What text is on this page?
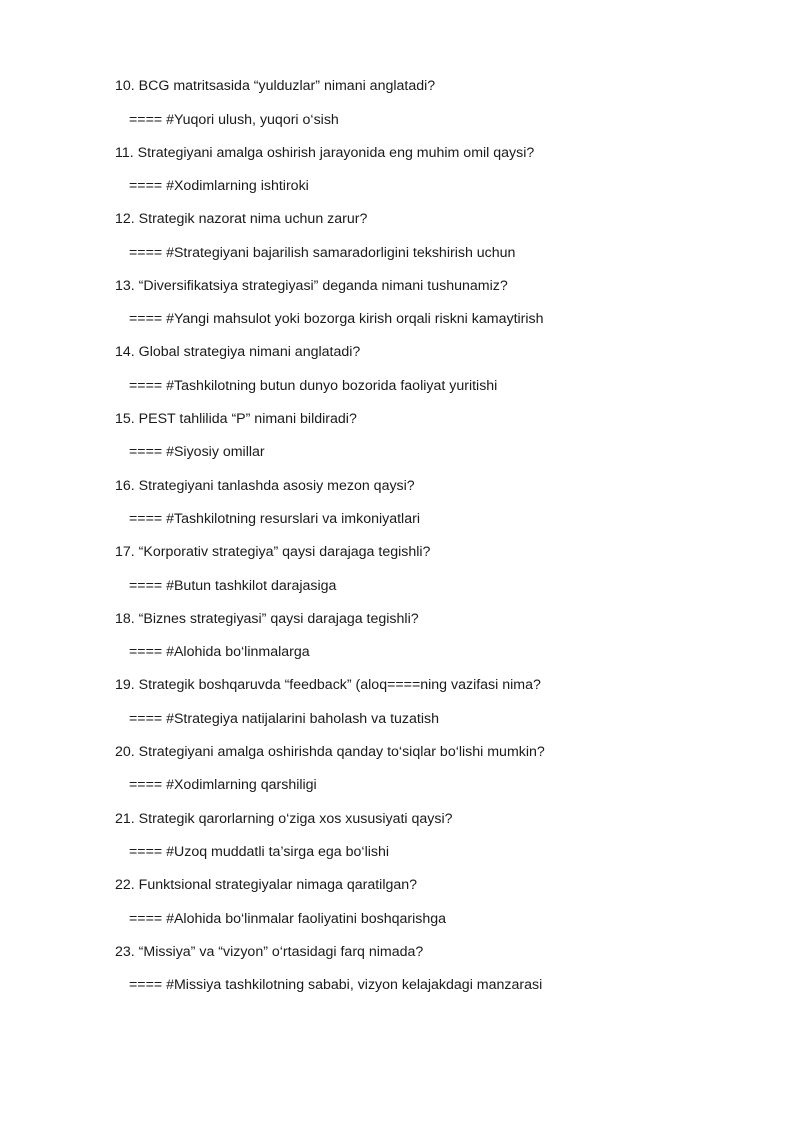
10. BCG matritsasida “yulduzlar” nimani anglatadi?
==== #Yuqori ulush, yuqori o‘sish
11. Strategiyani amalga oshirish jarayonida eng muhim omil qaysi?
==== #Xodimlarning ishtiroki
12. Strategik nazorat nima uchun zarur?
==== #Strategiyani bajarilish samaradorligini tekshirish uchun
13. “Diversifikatsiya strategiyasi” deganda nimani tushunamiz?
==== #Yangi mahsulot yoki bozorga kirish orqali riskni kamaytirish
14. Global strategiya nimani anglatadi?
==== #Tashkilotning butun dunyo bozorida faoliyat yuritishi
15. PEST tahlilida “P” nimani bildiradi?
==== #Siyosiy omillar
16. Strategiyani tanlashda asosiy mezon qaysi?
==== #Tashkilotning resurslari va imkoniyatlari
17. “Korporativ strategiya” qaysi darajaga tegishli?
==== #Butun tashkilot darajasiga
18. “Biznes strategiyasi” qaysi darajaga tegishli?
==== #Alohida bo‘linmalarga
19. Strategik boshqaruvda “feedback” (aloq====ning vazifasi nima?
==== #Strategiya natijalarini baholash va tuzatish
20. Strategiyani amalga oshirishda qanday to‘siqlar bo‘lishi mumkin?
==== #Xodimlarning qarshiligi
21. Strategik qarorlarning o‘ziga xos xususiyati qaysi?
==== #Uzoq muddatli ta’sirga ega bo‘lishi
22. Funktsional strategiyalar nimaga qaratilgan?
==== #Alohida bo‘linmalar faoliyatini boshqarishga
23. “Missiya” va “vizyon” o‘rtasidagi farq nimada?
==== #Missiya tashkilotning sababi, vizyon kelajakdagi manzarasi
